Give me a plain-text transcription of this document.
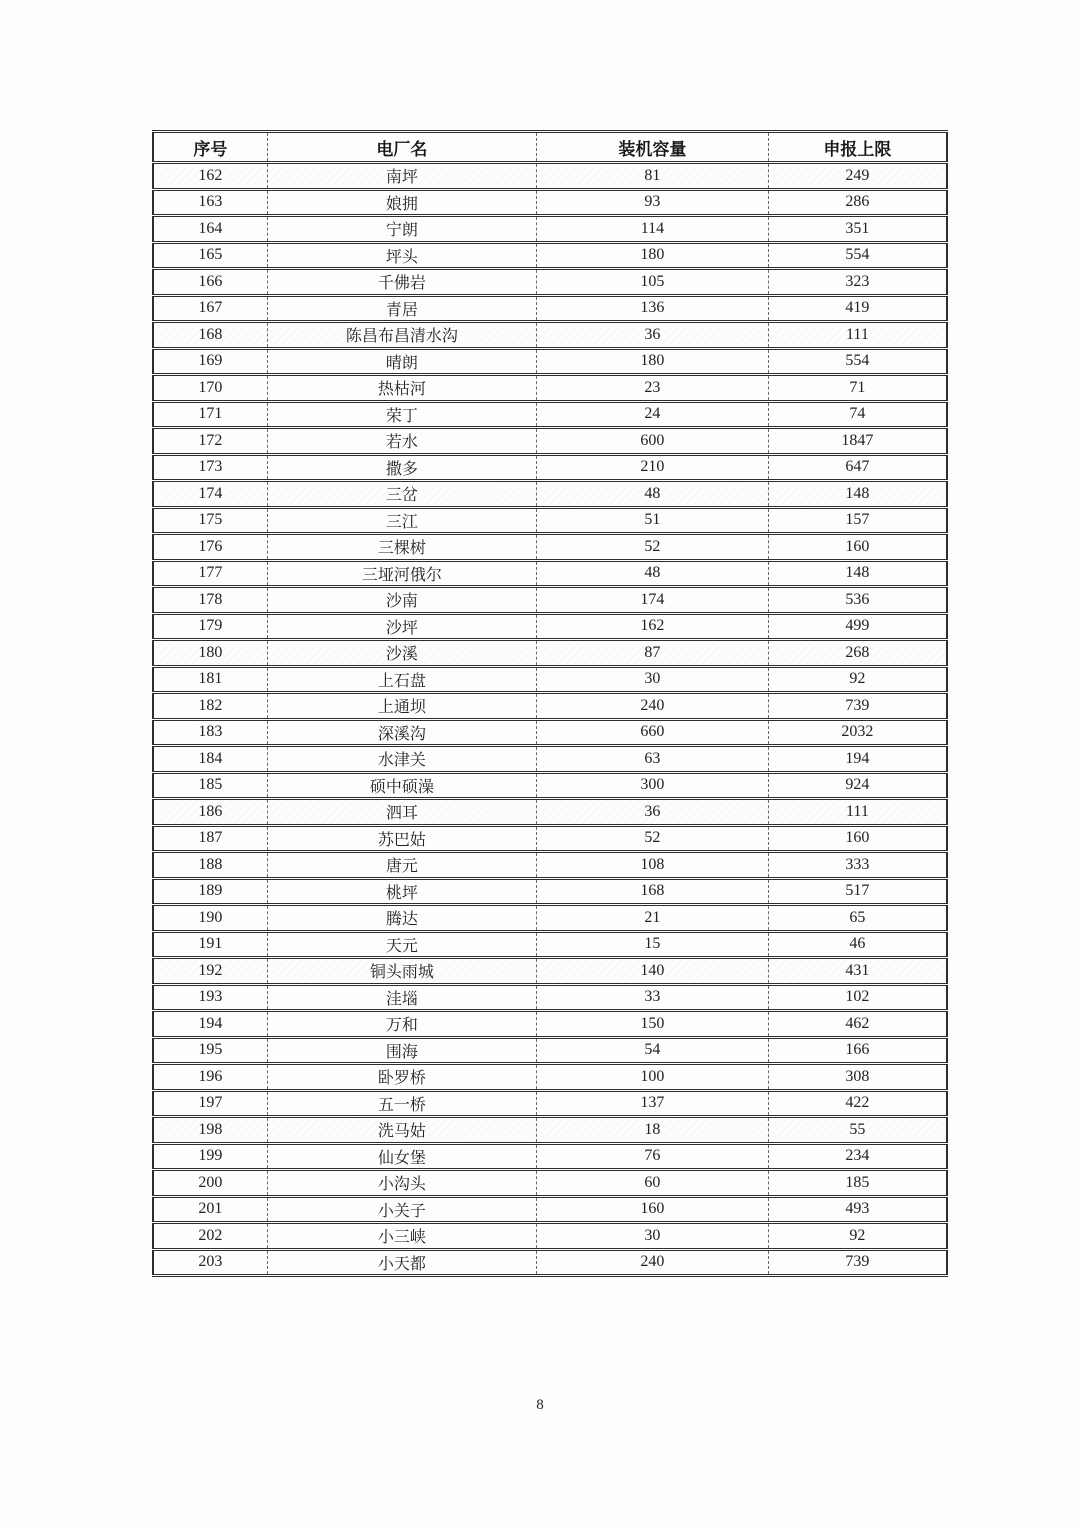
序号	电厂名	装机容量	申报上限
162	南坪	81	249
163	娘拥	93	286
164	宁朗	114	351
165	坪头	180	554
166	千佛岩	105	323
167	青居	136	419
168	陈昌布昌清水沟	36	111
169	晴朗	180	554
170	热枯河	23	71
171	荣丁	24	74
172	若水	600	1847
173	撒多	210	647
174	三岔	48	148
175	三江	51	157
176	三棵树	52	160
177	三垭河俄尔	48	148
178	沙南	174	536
179	沙坪	162	499
180	沙溪	87	268
181	上石盘	30	92
182	上通坝	240	739
183	深溪沟	660	2032
184	水津关	63	194
185	硕中硕澡	300	924
186	泗耳	36	111
187	苏巴姑	52	160
188	唐元	108	333
189	桃坪	168	517
190	腾达	21	65
191	天元	15	46
192	铜头雨城	140	431
193	洼堖	33	102
194	万和	150	462
195	围海	54	166
196	卧罗桥	100	308
197	五一桥	137	422
198	洗马姑	18	55
199	仙女堡	76	234
200	小沟头	60	185
201	小关子	160	493
202	小三峡	30	92
203	小天都	240	739
8
